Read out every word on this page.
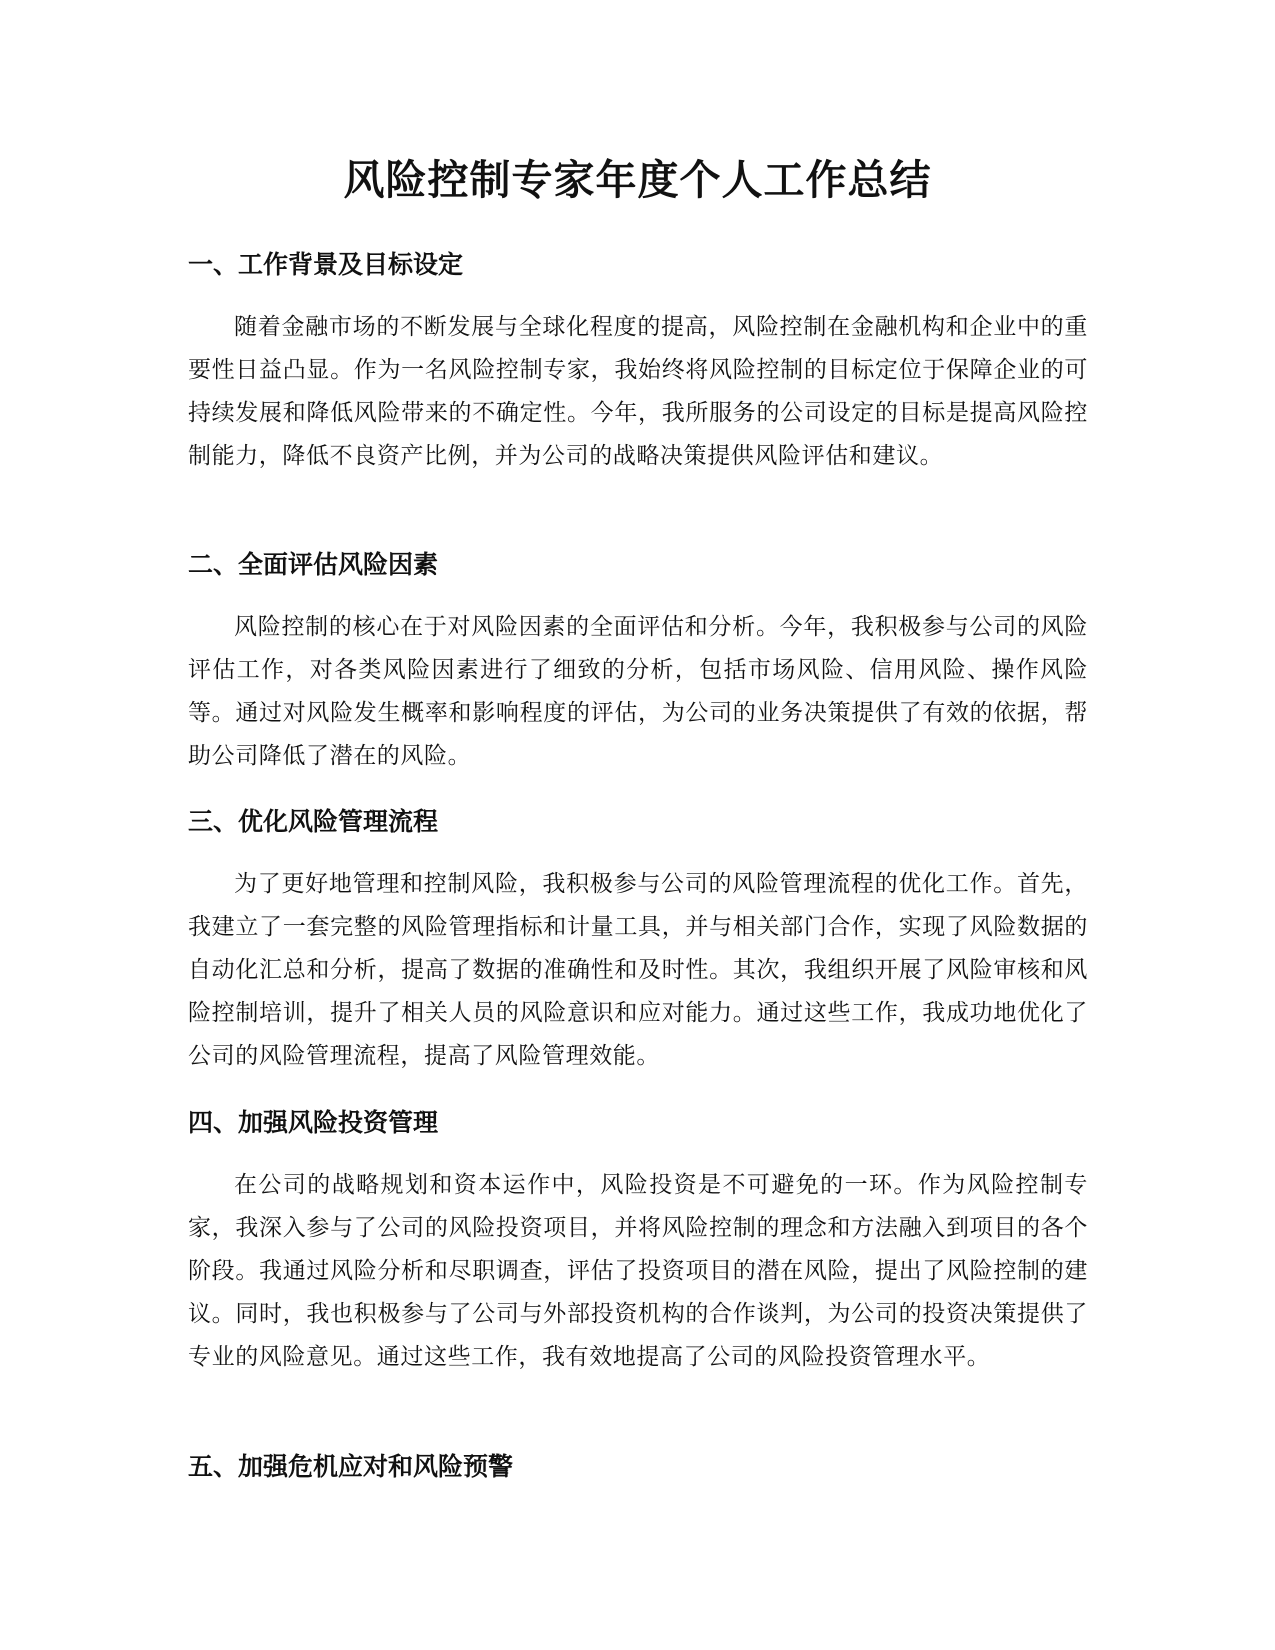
风险控制专家年度个人工作总结
一、工作背景及目标设定

随着金融市场的不断发展与全球化程度的提高，风险控制在金融机构和企业中的重要性日益凸显。作为一名风险控制专家，我始终将风险控制的目标定位于保障企业的可持续发展和降低风险带来的不确定性。今年，我所服务的公司设定的目标是提高风险控制能力，降低不良资产比例，并为公司的战略决策提供风险评估和建议。

二、全面评估风险因素

风险控制的核心在于对风险因素的全面评估和分析。今年，我积极参与公司的风险评估工作，对各类风险因素进行了细致的分析，包括市场风险、信用风险、操作风险等。通过对风险发生概率和影响程度的评估，为公司的业务决策提供了有效的依据，帮助公司降低了潜在的风险。

三、优化风险管理流程

为了更好地管理和控制风险，我积极参与公司的风险管理流程的优化工作。首先，我建立了一套完整的风险管理指标和计量工具，并与相关部门合作，实现了风险数据的自动化汇总和分析，提高了数据的准确性和及时性。其次，我组织开展了风险审核和风险控制培训，提升了相关人员的风险意识和应对能力。通过这些工作，我成功地优化了公司的风险管理流程，提高了风险管理效能。

四、加强风险投资管理

在公司的战略规划和资本运作中，风险投资是不可避免的一环。作为风险控制专家，我深入参与了公司的风险投资项目，并将风险控制的理念和方法融入到项目的各个阶段。我通过风险分析和尽职调查，评估了投资项目的潜在风险，提出了风险控制的建议。同时，我也积极参与了公司与外部投资机构的合作谈判，为公司的投资决策提供了专业的风险意见。通过这些工作，我有效地提高了公司的风险投资管理水平。

五、加强危机应对和风险预警
